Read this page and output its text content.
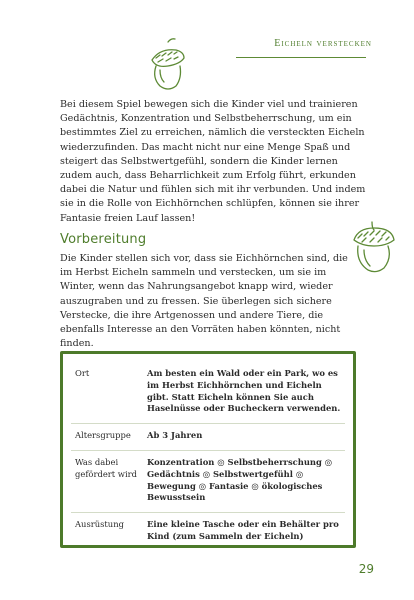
Eicheln verstecken

Bei diesem Spiel bewegen sich die Kinder viel und trainieren Gedächtnis, Konzentration und Selbstbeherrschung, um ein bestimmtes Ziel zu erreichen, nämlich die versteckten Eicheln wiederzufinden. Das macht nicht nur eine Menge Spaß und steigert das Selbstwertgefühl, sondern die Kinder lernen zudem auch, dass Beharrlichkeit zum Erfolg führt, erkunden dabei die Natur und fühlen sich mit ihr verbunden. Und indem sie in die Rolle von Eichhörnchen schlüpfen, können sie ihrer Fantasie freien Lauf lassen!

Vorbereitung

Die Kinder stellen sich vor, dass sie Eichhörnchen sind, die im Herbst Eicheln sammeln und verstecken, um sie im Winter, wenn das Nahrungsangebot knapp wird, wieder auszugraben und zu fressen. Sie überlegen sich sichere Verstecke, die ihre Artgenossen und andere Tiere, die ebenfalls Interesse an den Vorräten haben könnten, nicht finden.

Ort	Am besten ein Wald oder ein Park, wo es im Herbst Eichhörnchen und Eicheln gibt. Statt Eicheln können Sie auch Haselnüsse oder Bucheckern verwenden.
Altersgruppe	Ab 3 Jahren
Was dabei gefördert wird	Konzentration ◎ Selbstbeherrschung ◎ Gedächtnis ◎ Selbstwertgefühl ◎ Bewegung ◎ Fantasie ◎ ökologisches Bewusstsein
Ausrüstung	Eine kleine Tasche oder ein Behälter pro Kind (zum Sammeln der Eicheln)
29
